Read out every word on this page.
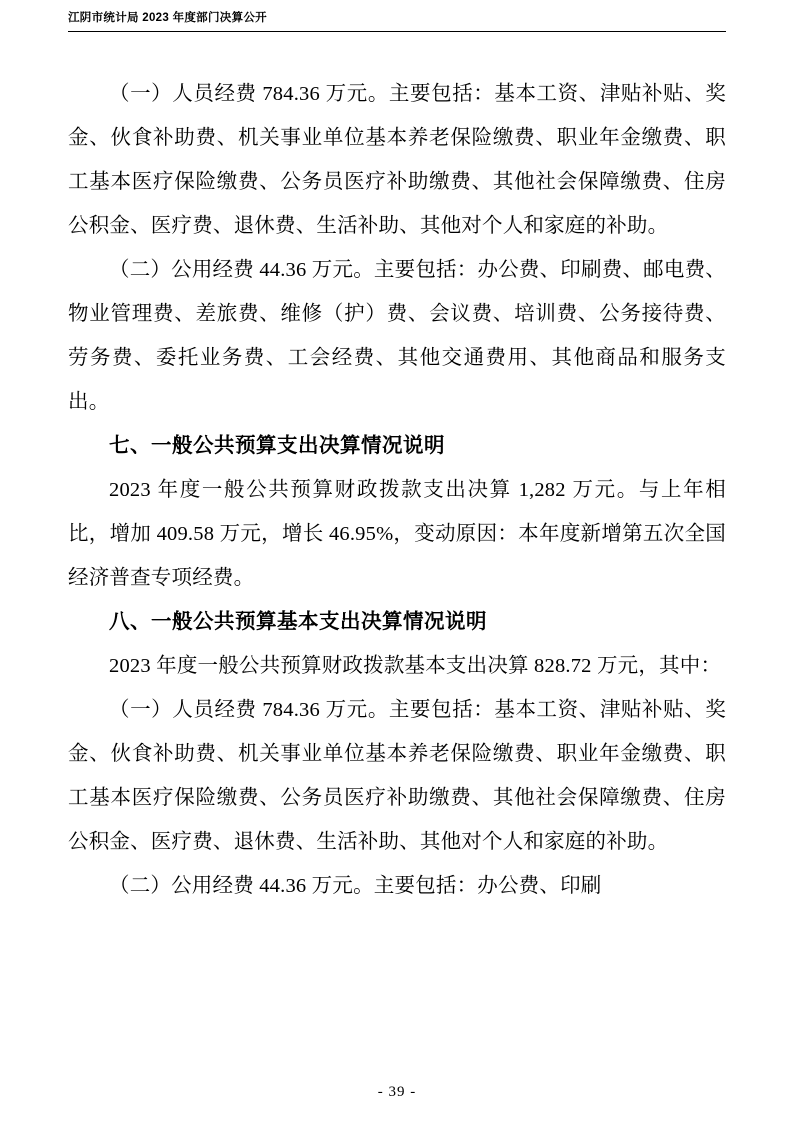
江阴市统计局 2023 年度部门决算公开

（一）人员经费 784.36 万元。主要包括：基本工资、津贴补贴、奖金、伙食补助费、机关事业单位基本养老保险缴费、职业年金缴费、职工基本医疗保险缴费、公务员医疗补助缴费、其他社会保障缴费、住房公积金、医疗费、退休费、生活补助、其他对个人和家庭的补助。

（二）公用经费 44.36 万元。主要包括：办公费、印刷费、邮电费、物业管理费、差旅费、维修（护）费、会议费、培训费、公务接待费、劳务费、委托业务费、工会经费、其他交通费用、其他商品和服务支出。

七、一般公共预算支出决算情况说明

2023 年度一般公共预算财政拨款支出决算 1,282 万元。与上年相比，增加 409.58 万元，增长 46.95%，变动原因：本年度新增第五次全国经济普查专项经费。

八、一般公共预算基本支出决算情况说明

2023 年度一般公共预算财政拨款基本支出决算 828.72 万元，其中：

（一）人员经费 784.36 万元。主要包括：基本工资、津贴补贴、奖金、伙食补助费、机关事业单位基本养老保险缴费、职业年金缴费、职工基本医疗保险缴费、公务员医疗补助缴费、其他社会保障缴费、住房公积金、医疗费、退休费、生活补助、其他对个人和家庭的补助。

（二）公用经费 44.36 万元。主要包括：办公费、印刷

- 39 -
